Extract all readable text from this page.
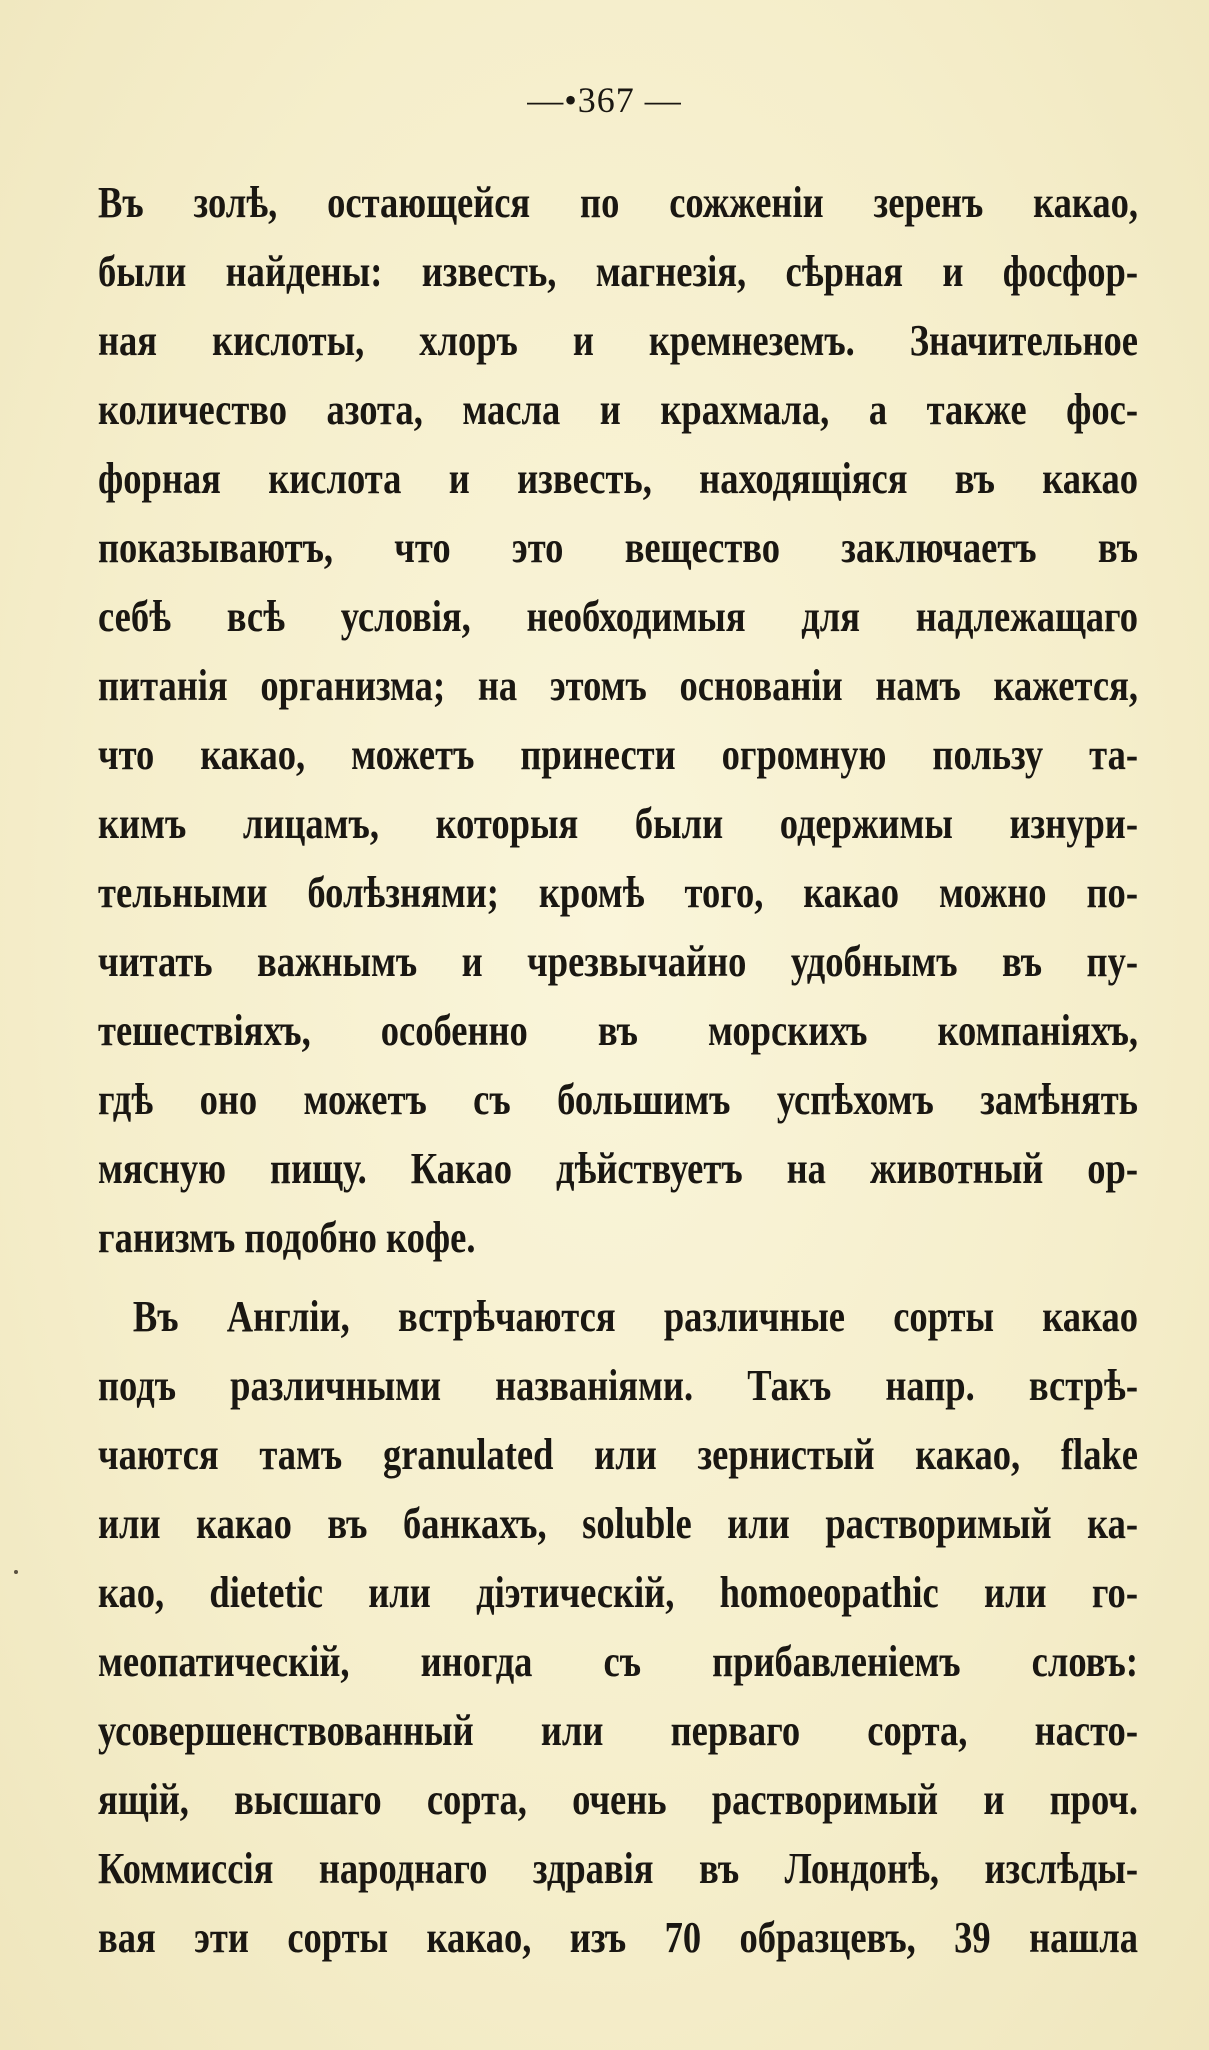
—•367 —
Въ золѣ, остающейся по сожженіи зеренъ какао,
были найдены: известь, магнезія, сѣрная и фосфор-
ная кислоты, хлоръ и кремнеземъ. Значительное
количество азота, масла и крахмала, а также фос-
форная кислота и известь, находящіяся въ какао
показываютъ, что это вещество заключаетъ въ
себѣ всѣ условія, необходимыя для надлежащаго
питанія организма; на этомъ основаніи намъ кажется,
что какао, можетъ принести огромную пользу та-
кимъ лицамъ, которыя были одержимы изнури-
тельными болѣзнями; кромѣ того, какао можно по-
читать важнымъ и чрезвычайно удобнымъ въ пу-
тешествіяхъ, особенно въ морскихъ компаніяхъ,
гдѣ оно можетъ съ большимъ успѣхомъ замѣнять
мясную пищу. Какао дѣйствуетъ на животный ор-
ганизмъ подобно кофе.
Въ Англіи, встрѣчаются различные сорты какао
подъ различными названіями. Такъ напр. встрѣ-
чаются тамъ granulated или зернистый какао, flake
или какао въ банкахъ, soluble или растворимый ка-
као, dietetic или діэтическій, homoeopathic или го-
меопатическій, иногда съ прибавленіемъ словъ:
усовершенствованный или перваго сорта, насто-
ящій, высшаго сорта, очень растворимый и проч.
Коммиссія народнаго здравія въ Лондонѣ, изслѣды-
вая эти сорты какао, изъ 70 образцевъ, 39 нашла
